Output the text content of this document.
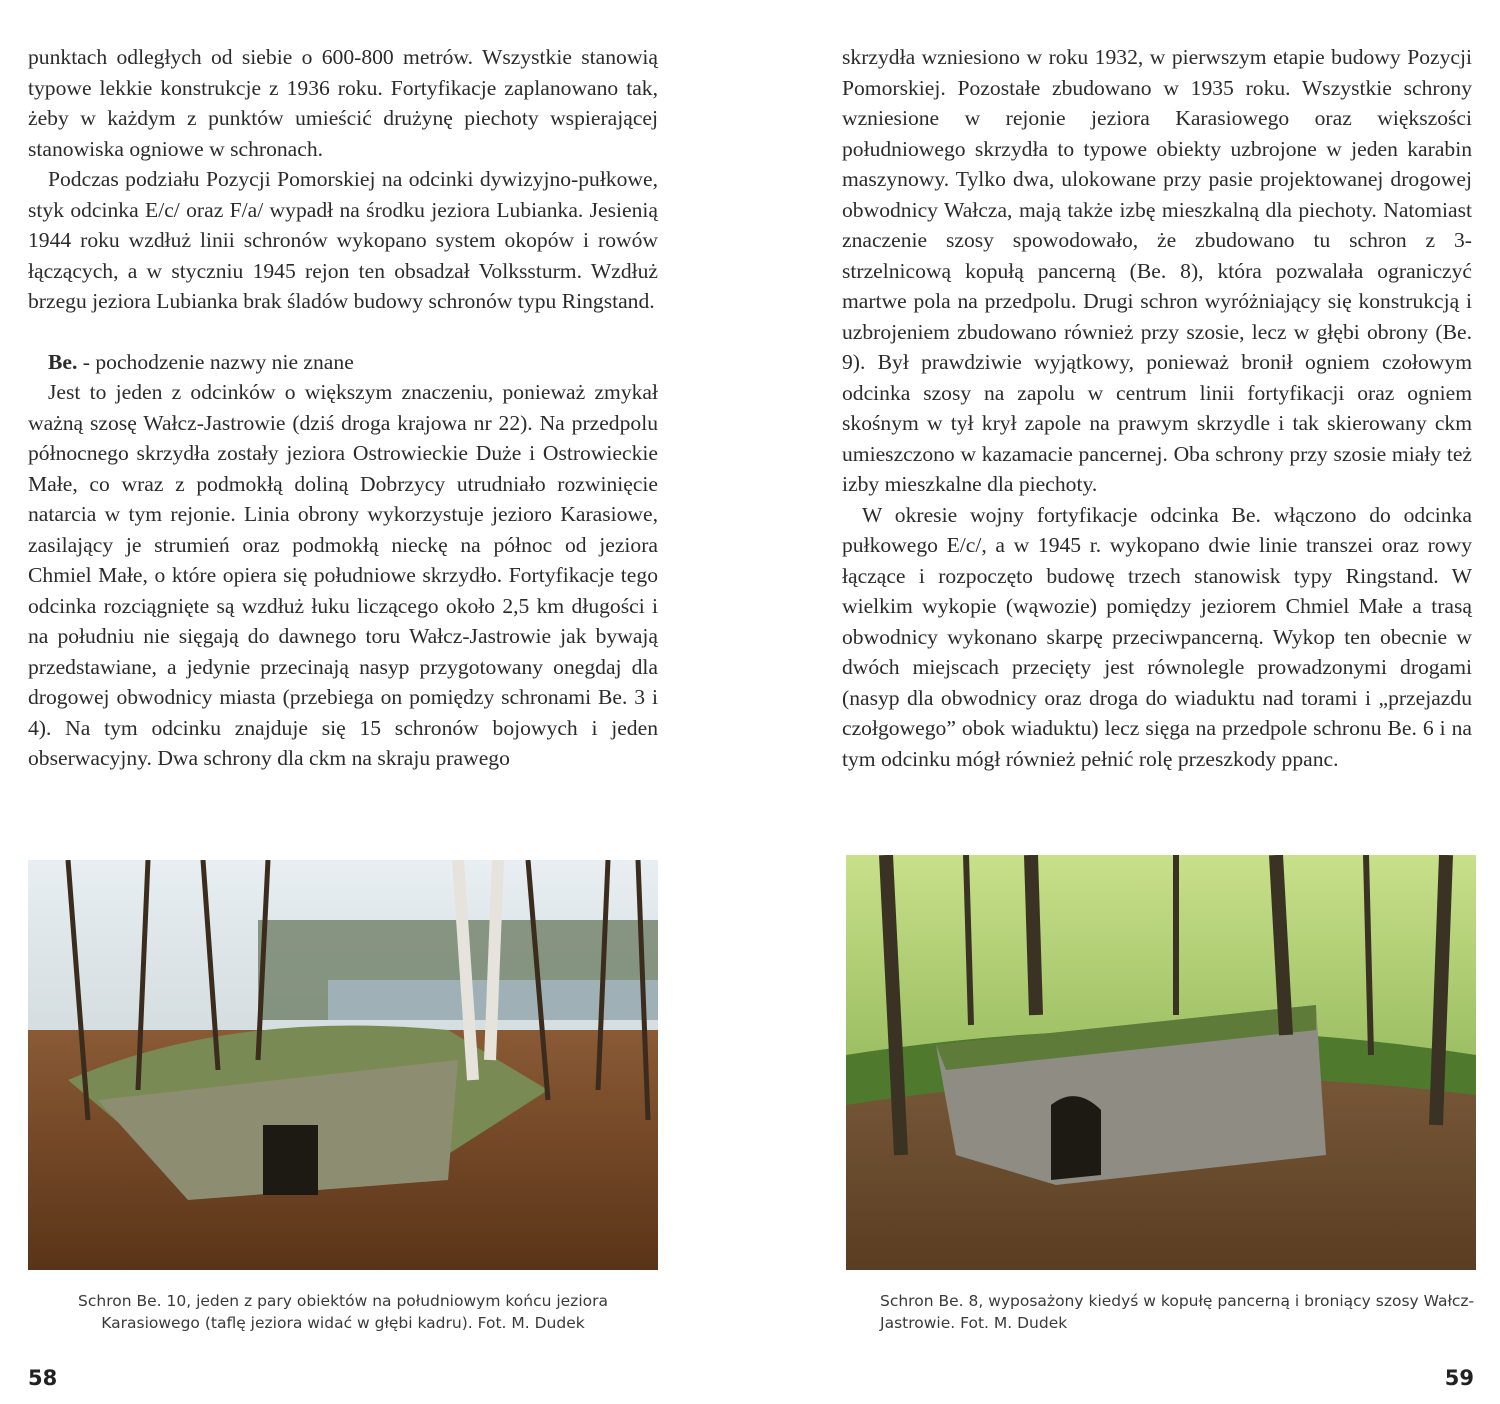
punktach odległych od siebie o 600-800 metrów. Wszystkie stanowią typowe lekkie konstrukcje z 1936 roku. Fortyfikacje zaplanowano tak, żeby w każdym z punktów umieścić drużynę piechoty wspierającej stanowiska ogniowe w schronach.

Podczas podziału Pozycji Pomorskiej na odcinki dywizyjno-pułkowe, styk odcinka E/c/ oraz F/a/ wypadł na środku jeziora Lubianka. Jesienią 1944 roku wzdłuż linii schronów wykopano system okopów i rowów łączących, a w styczniu 1945 rejon ten obsadzał Volkssturm. Wzdłuż brzegu jeziora Lubianka brak śladów budowy schronów typu Ringstand.

Be. - pochodzenie nazwy nie znane

Jest to jeden z odcinków o większym znaczeniu, ponieważ zmykał ważną szosę Wałcz-Jastrowie (dziś droga krajowa nr 22). Na przedpolu północnego skrzydła zostały jeziora Ostrowieckie Duże i Ostrowieckie Małe, co wraz z podmokłą doliną Dobrzycy utrudniało rozwinięcie natarcia w tym rejonie. Linia obrony wykorzystuje jezioro Karasiowe, zasilający je strumień oraz podmokłą nieckę na północ od jeziora Chmiel Małe, o które opiera się południowe skrzydło. Fortyfikacje tego odcinka rozciągnięte są wzdłuż łuku liczącego około 2,5 km długości i na południu nie sięgają do dawnego toru Wałcz-Jastrowie jak bywają przedstawiane, a jedynie przecinają nasyp przygotowany onegdaj dla drogowej obwodnicy miasta (przebiega on pomiędzy schronami Be. 3 i 4). Na tym odcinku znajduje się 15 schronów bojowych i jeden obserwacyjny. Dwa schrony dla ckm na skraju prawego

Schron Be. 10, jeden z pary obiektów na południowym końcu jeziora Karasiowego (taflę jeziora widać w głębi kadru). Fot. M. Dudek
58

skrzydła wzniesiono w roku 1932, w pierwszym etapie budowy Pozycji Pomorskiej. Pozostałe zbudowano w 1935 roku. Wszystkie schrony wzniesione w rejonie jeziora Karasiowego oraz większości południowego skrzydła to typowe obiekty uzbrojone w jeden karabin maszynowy. Tylko dwa, ulokowane przy pasie projektowanej drogowej obwodnicy Wałcza, mają także izbę mieszkalną dla piechoty. Natomiast znaczenie szosy spowodowało, że zbudowano tu schron z 3-strzelnicową kopułą pancerną (Be. 8), która pozwalała ograniczyć martwe pola na przedpolu. Drugi schron wyróżniający się konstrukcją i uzbrojeniem zbudowano również przy szosie, lecz w głębi obrony (Be. 9). Był prawdziwie wyjątkowy, ponieważ bronił ogniem czołowym odcinka szosy na zapolu w centrum linii fortyfikacji oraz ogniem skośnym w tył krył zapole na prawym skrzydle i tak skierowany ckm umieszczono w kazamacie pancernej. Oba schrony przy szosie miały też izby mieszkalne dla piechoty.

W okresie wojny fortyfikacje odcinka Be. włączono do odcinka pułkowego E/c/, a w 1945 r. wykopano dwie linie transzei oraz rowy łączące i rozpoczęto budowę trzech stanowisk typy Ringstand. W wielkim wykopie (wąwozie) pomiędzy jeziorem Chmiel Małe a trasą obwodnicy wykonano skarpę przeciwpancerną. Wykop ten obecnie w dwóch miejscach przecięty jest równolegle prowadzonymi drogami (nasyp dla obwodnicy oraz droga do wiaduktu nad torami i „przejazdu czołgowego” obok wiaduktu) lecz sięga na przedpole schronu Be. 6 i na tym odcinku mógł również pełnić rolę przeszkody ppanc.

Schron Be. 8, wyposażony kiedyś w kopułę pancerną i broniący szosy Wałcz-Jastrowie. Fot. M. Dudek
59
